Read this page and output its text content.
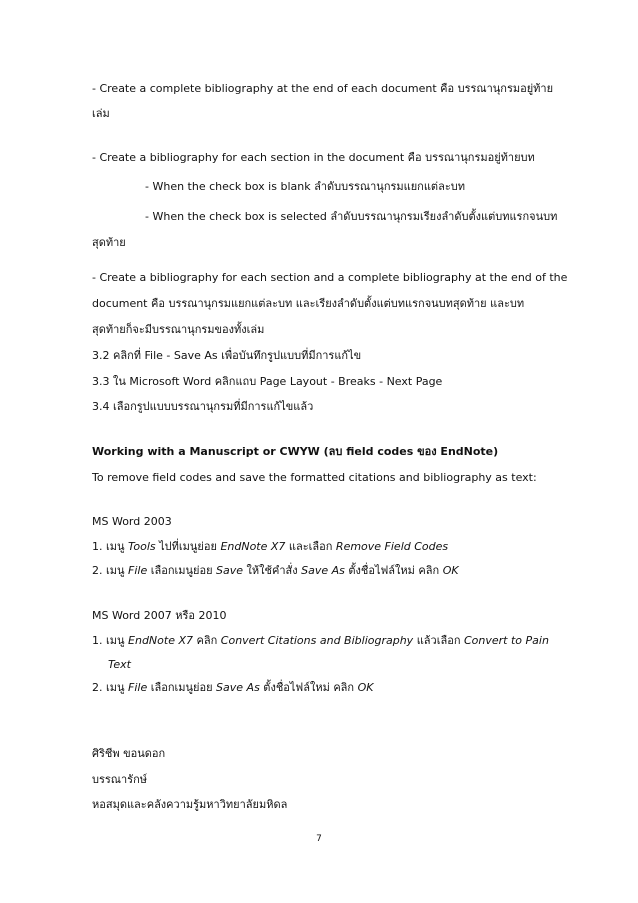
- Create a complete bibliography at the end of each document คือ บรรณานุกรมอยู่ท้าย
เล่ม
- Create a bibliography for each section in the document คือ บรรณานุกรมอยู่ท้ายบท
- When the check box is blank ลำดับบรรณานุกรมแยกแต่ละบท
- When the check box is selected ลำดับบรรณานุกรมเรียงลำดับตั้งแต่บทแรกจนบท
สุดท้าย
- Create a bibliography for each section and a complete bibliography at the end of the
document คือ บรรณานุกรมแยกแต่ละบท และเรียงลำดับตั้งแต่บทแรกจนบทสุดท้าย และบท
สุดท้ายก็จะมีบรรณานุกรมของทั้งเล่ม
3.2 คลิกที่ File - Save As เพื่อบันทึกรูปแบบที่มีการแก้ไข
3.3 ใน Microsoft Word คลิกแถบ Page Layout - Breaks - Next Page
3.4 เลือกรูปแบบบรรณานุกรมที่มีการแก้ไขแล้ว
Working with a Manuscript or CWYW (ลบ field codes ของ EndNote)
To remove field codes and save the formatted citations and bibliography as text:
MS Word 2003
1. เมนู Tools ไปที่เมนูย่อย EndNote X7 และเลือก Remove Field Codes
2. เมนู File เลือกเมนูย่อย Save ให้ใช้คำสั่ง Save As ตั้งชื่อไฟล์ใหม่ คลิก OK
MS Word 2007 หรือ 2010
1. เมนู EndNote X7 คลิก Convert Citations and Bibliography แล้วเลือก Convert to Pain
Text
2. เมนู File เลือกเมนูย่อย Save As ตั้งชื่อไฟล์ใหม่ คลิก OK
ศิริชีพ ขอนดอก
บรรณารักษ์
หอสมุดและคลังความรู้มหาวิทยาลัยมหิดล
7
